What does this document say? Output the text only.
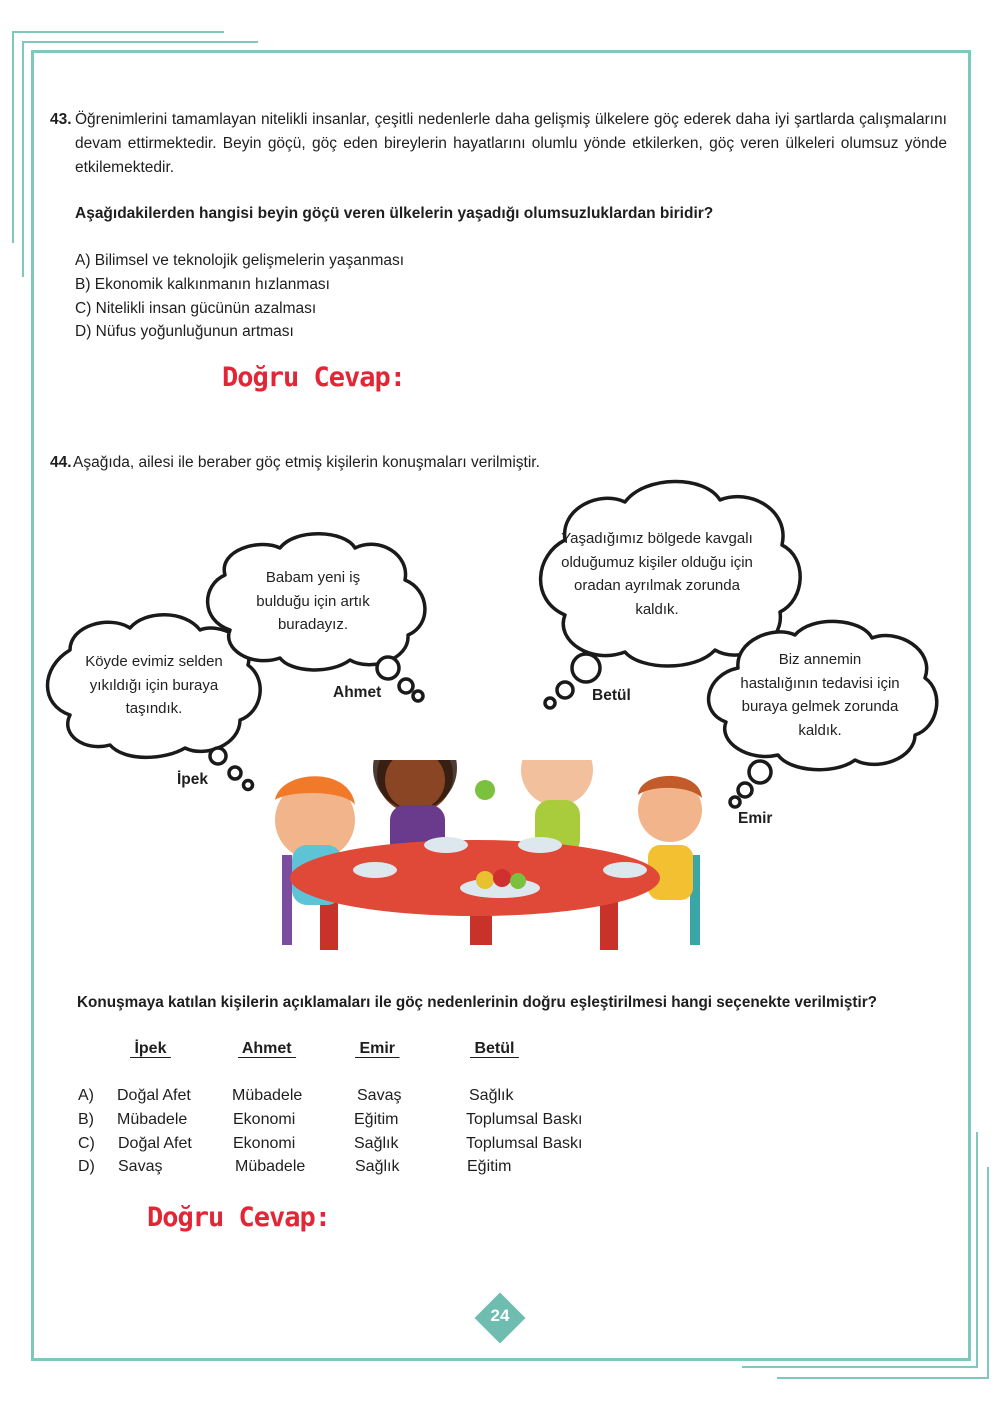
43. Öğrenimlerini tamamlayan nitelikli insanlar, çeşitli nedenlerle daha gelişmiş ülkelere göç ederek daha iyi şartlarda çalışmalarını devam ettirmektedir. Beyin göçü, göç eden bireylerin hayatlarını olumlu yönde etkilerken, göç veren ülkeleri olumsuz yönde etkilemektedir.
Aşağıdakilerden hangisi beyin göçü veren ülkelerin yaşadığı olumsuzluklardan biridir?
A) Bilimsel ve teknolojik gelişmelerin yaşanması
B) Ekonomik kalkınmanın hızlanması
C) Nitelikli insan gücünün azalması
D) Nüfus yoğunluğunun artması
Doğru Cevap:
44. Aşağıda, ailesi ile beraber göç etmiş kişilerin konuşmaları verilmiştir.
Köyde evimiz selden yıkıldığı için buraya taşındık.
Babam yeni iş bulduğu için artık buradayız.
Yaşadığımız bölgede kavgalı olduğumuz kişiler olduğu için oradan ayrılmak zorunda kaldık.
Biz annemin hastalığının tedavisi için buraya gelmek zorunda kaldık.
İpek
Ahmet	Betül
Emir
Konuşmaya katılan kişilerin açıklamaları ile göç nedenlerinin doğru eşleştirilmesi hangi seçenekte verilmiştir?
İpek	Ahmet	Emir	Betül
A) Doğal Afet	Mübadele	Savaş	Sağlık
B) Mübadele	Ekonomi	Eğitim	Toplumsal Baskı
C) Doğal Afet	Ekonomi	Sağlık	Toplumsal Baskı
D) Savaş	Mübadele	Sağlık	Eğitim
Doğru Cevap:
24
